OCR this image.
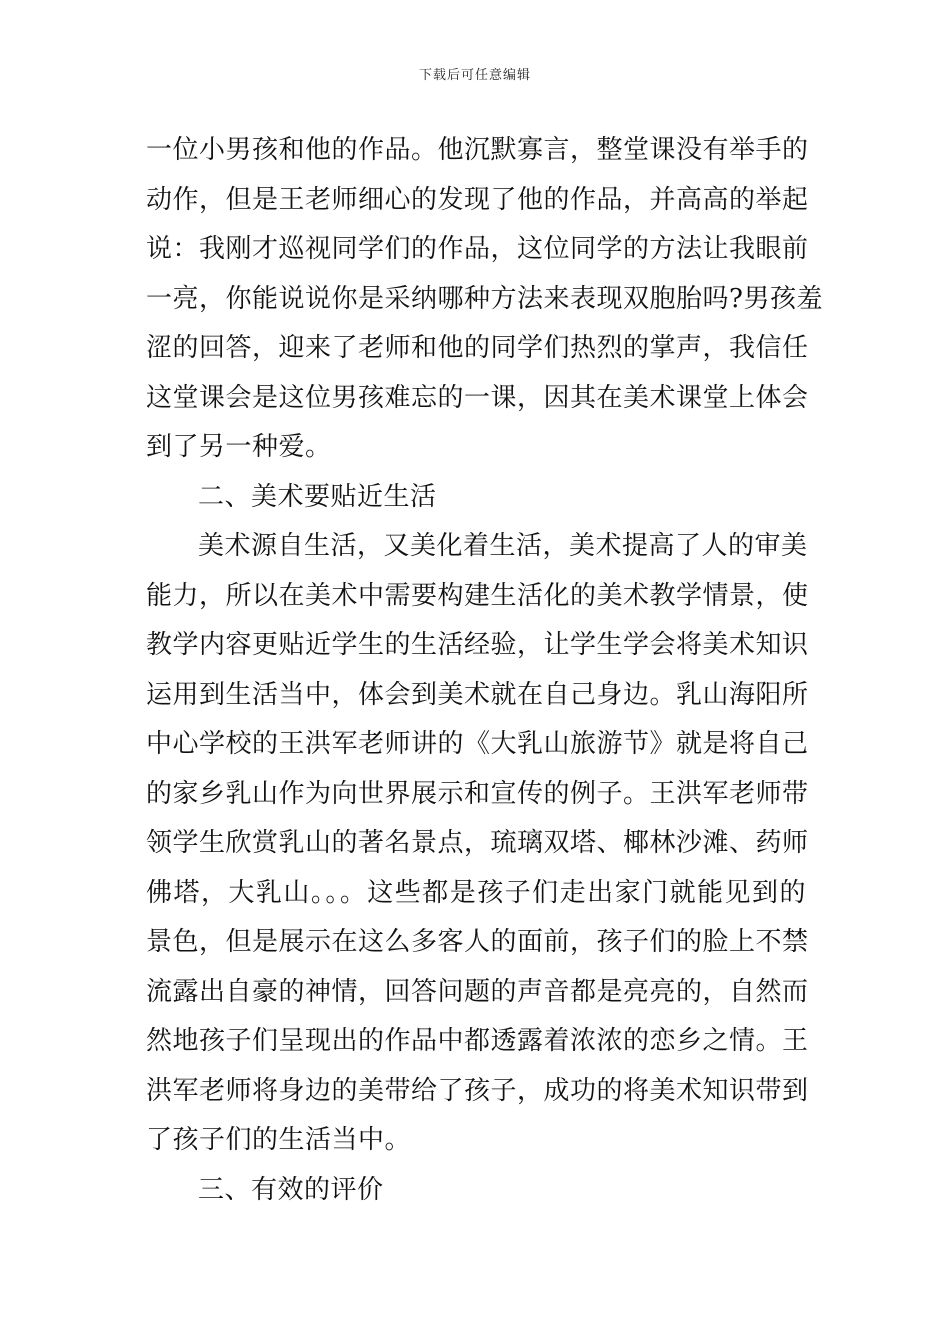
下载后可任意编辑
一位小男孩和他的作品。他沉默寡言，整堂课没有举手的
动作，但是王老师细心的发现了他的作品，并高高的举起
说：我刚才巡视同学们的作品，这位同学的方法让我眼前
一亮，你能说说你是采纳哪种方法来表现双胞胎吗?男孩羞
涩的回答，迎来了老师和他的同学们热烈的掌声，我信任
这堂课会是这位男孩难忘的一课，因其在美术课堂上体会
到了另一种爱。
二、美术要贴近生活
美术源自生活，又美化着生活，美术提高了人的审美
能力，所以在美术中需要构建生活化的美术教学情景，使
教学内容更贴近学生的生活经验，让学生学会将美术知识
运用到生活当中，体会到美术就在自己身边。乳山海阳所
中心学校的王洪军老师讲的《大乳山旅游节》就是将自己
的家乡乳山作为向世界展示和宣传的例子。王洪军老师带
领学生欣赏乳山的著名景点，琉璃双塔、椰林沙滩、药师
佛塔，大乳山。。。这些都是孩子们走出家门就能见到的
景色，但是展示在这么多客人的面前，孩子们的脸上不禁
流露出自豪的神情，回答问题的声音都是亮亮的，自然而
然地孩子们呈现出的作品中都透露着浓浓的恋乡之情。王
洪军老师将身边的美带给了孩子，成功的将美术知识带到
了孩子们的生活当中。
三、有效的评价
